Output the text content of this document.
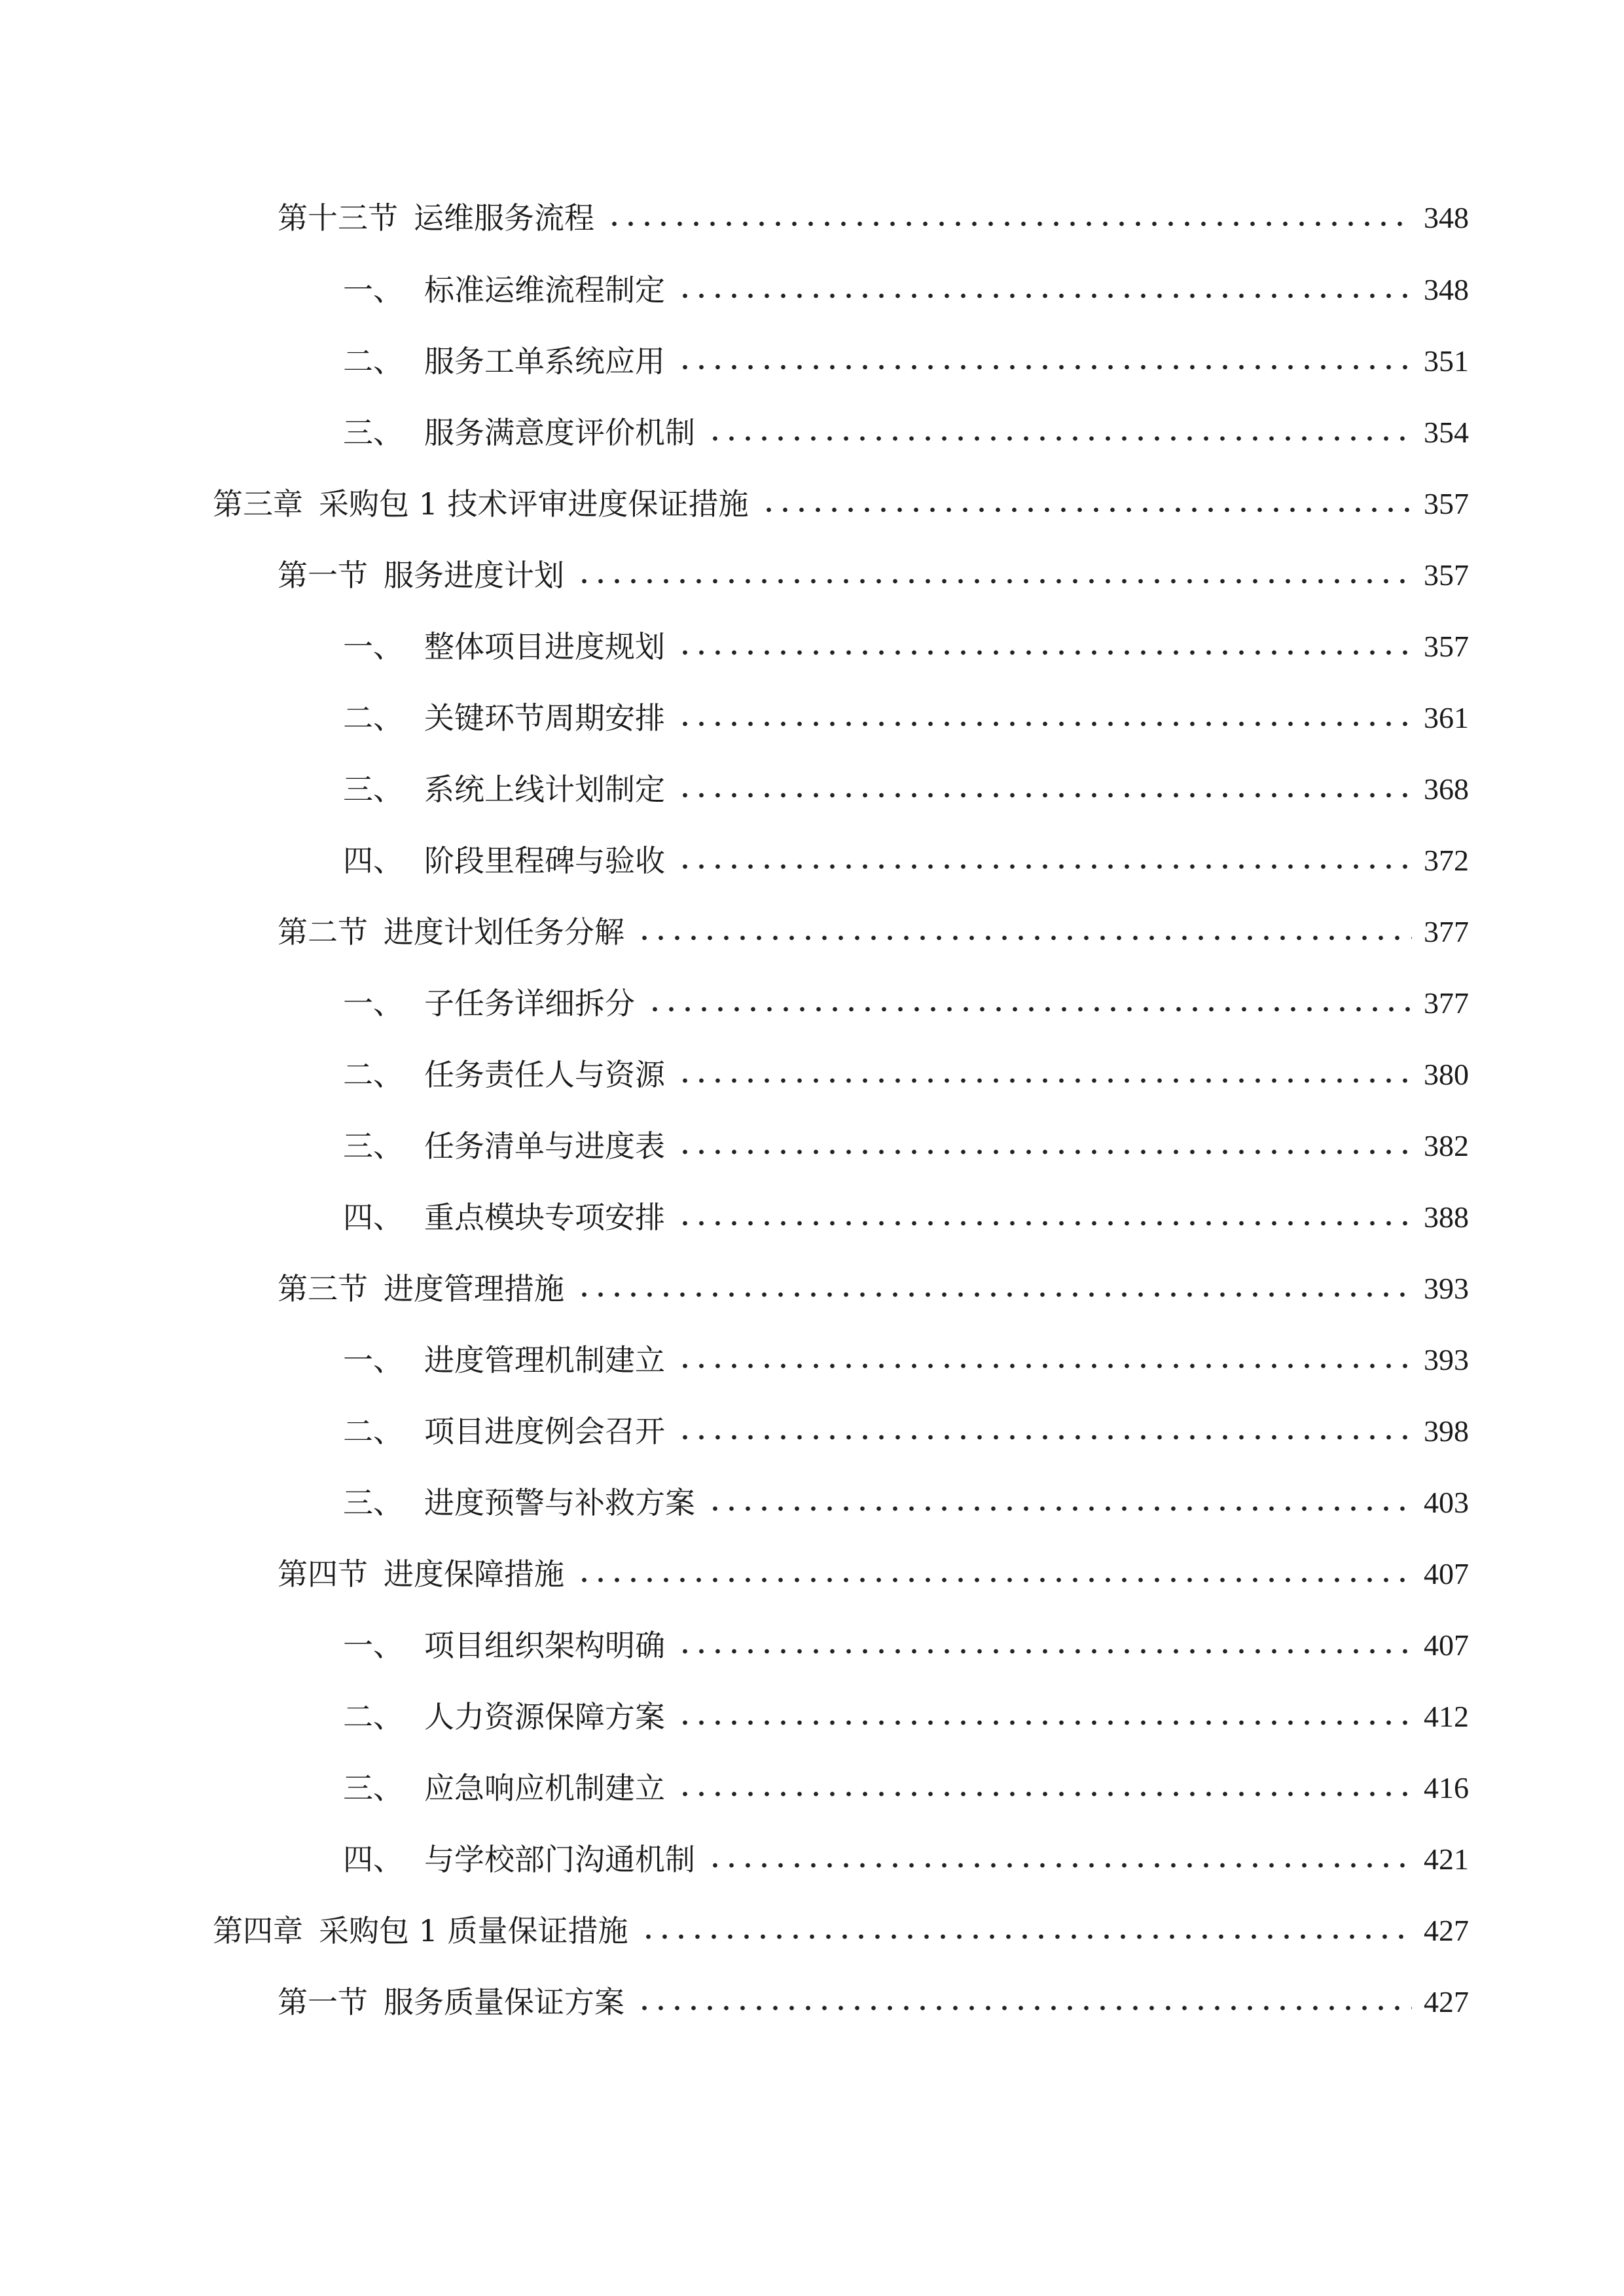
第十三节 运维服务流程	348
一、 标准运维流程制定	348
二、 服务工单系统应用	351
三、 服务满意度评价机制	354
第三章 采购包 1 技术评审进度保证措施	357
第一节 服务进度计划	357
一、 整体项目进度规划	357
二、 关键环节周期安排	361
三、 系统上线计划制定	368
四、 阶段里程碑与验收	372
第二节 进度计划任务分解	377
一、 子任务详细拆分	377
二、 任务责任人与资源	380
三、 任务清单与进度表	382
四、 重点模块专项安排	388
第三节 进度管理措施	393
一、 进度管理机制建立	393
二、 项目进度例会召开	398
三、 进度预警与补救方案	403
第四节 进度保障措施	407
一、 项目组织架构明确	407
二、 人力资源保障方案	412
三、 应急响应机制建立	416
四、 与学校部门沟通机制	421
第四章 采购包 1 质量保证措施	427
第一节 服务质量保证方案	427
